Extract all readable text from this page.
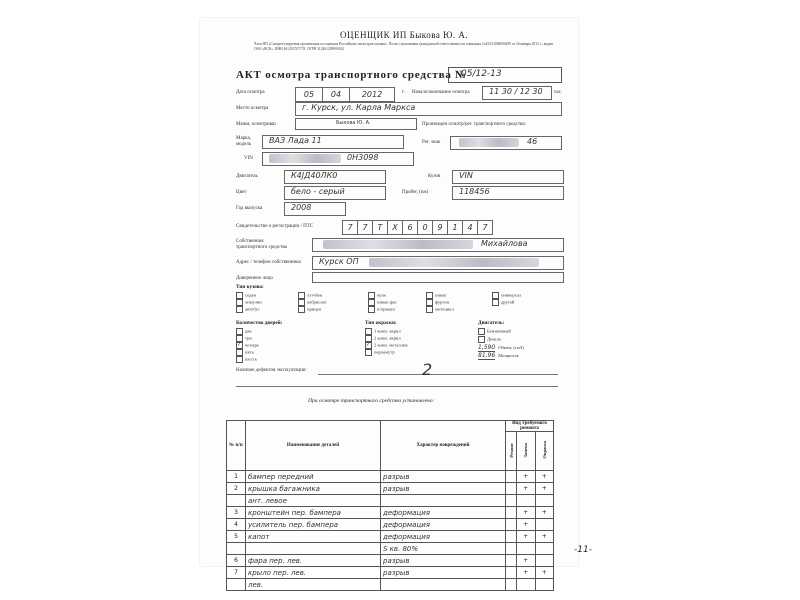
ОЦЕНЩИК ИП Быкова Ю. А.
Член НП «Саморегулируемая организация ассоциации Российских магистров оценки». Полис страхования гражданской ответственности оценщика №433/12ВВ000289 от 26 января 2012 г., выдан ОАО «ВСК». ИНН 461203707178, ОГРН 312461209900162
АКТ осмотра транспортного средства №
05/12-13
Дата осмотра	05	04	2012	г. Начало/окончание осмотра 11 30 / 12 30 час.
Место осмотра	г. Курск, ул. Карла Маркса
Ммкм, осмотривш	Быкова Ю. А.	Произведен осмотр/рег. транспортного средства:
Марка, модель	ВАЗ Лада 11	Рег. знак	46
VIN	0Н3098
Двигатель	К4ЈД40ЛК0	Кузов VIN
Цвет	бело - серый	Пробег, (км)	118456
Год выпуска	2008
Свидетельство о регистрации / ПТС	7	7	Т	Х	6	0	9	1	4	7
Собственник транспортного средства	Михайлова
Адрес / телефон собственника Курск ОП
Доверенное лицо
Тип кузова:
седан
лимузин
автобус
хэтчбек
кабриолет
прицеп
купе
пикап фас
п/прицеп
пикап
фургон
мотоцикл
универсал
другой
Количество дверей:
две
три
✓ четыре
пять
шесть
Тип окраски:
1 комп. акрил
2 комп. акрил
✓ 2 комп. металлик
перламутр
Двигатель:
Бензиновый
Дизель
1,590 Объем, (см3)
81,96 Мощность
Наличие дефектов эксплуатации:	2
При осмотре транспортного средства установлено:
№ п/п	Наименование деталей	Характер повреждений	Вид требуемого ремонта		
			Ремонт	Замена	Окраска
1	бампер передний	разрыв		+	+
2	крышка багажника	разрыв		+	+
	ант. левое				
3	кронштейн пер. бампера	деформация		+	+
4	усилитель пер. бампера	деформация		+	
5	капот	деформация		+	+
		S кв. 80%			
6	фара пер. лев.	разрыв		+	
7	крыло пер. лев.	разрыв		+	+
	лев.				
-11-
